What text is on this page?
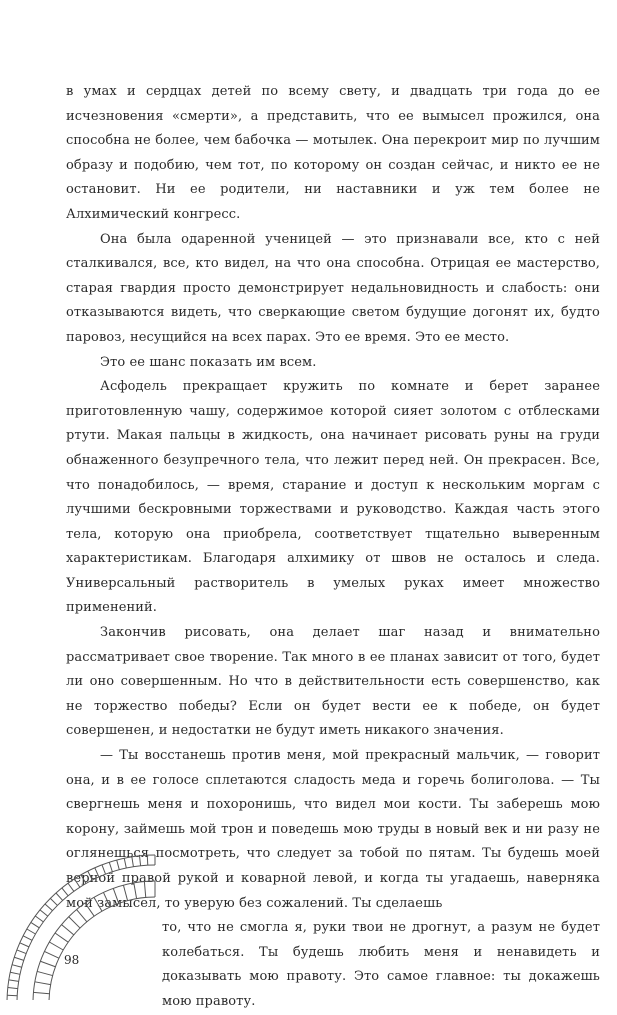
в умах и сердцах детей по всему свету, и двадцать три года до ее исчезновения «смерти», а представить, что ее вымысел прожился, она способна не более, чем бабочка — мотылек. Она перекроит мир по лучшим образу и подобию, чем тот, по которому он создан сейчас, и никто ее не остановит. Ни ее родители, ни наставники и уж тем более не Алхимический конгресс.

Она была одаренной ученицей — это признавали все, кто с ней сталкивался, все, кто видел, на что она способна. Отрицая ее мастерство, старая гвардия просто демонстрирует недальновидность и слабость: они отказываются видеть, что сверкающие светом будущие догонят их, будто паровоз, несущийся на всех парах. Это ее время. Это ее место.

Это ее шанс показать им всем.

Асфодель прекращает кружить по комнате и берет заранее приготовленную чашу, содержимое которой сияет золотом с отблесками ртути. Макая пальцы в жидкость, она начинает рисовать руны на груди обнаженного безупречного тела, что лежит перед ней. Он прекрасен. Все, что понадобилось, — время, старание и доступ к нескольким моргам с лучшими бескровными торжествами и руководство. Каждая часть этого тела, которую она приобрела, соответствует тщательно выверенным характеристикам. Благодаря алхимику от швов не осталось и следа. Универсальный растворитель в умелых руках имеет множество применений.

Закончив рисовать, она делает шаг назад и внимательно рассматривает свое творение. Так много в ее планах зависит от того, будет ли оно совершенным. Но что в действительности есть совершенство, как не торжество победы? Если он будет вести ее к победе, он будет совершенен, и недостатки не будут иметь никакого значения.

— Ты восстанешь против меня, мой прекрасный мальчик, — говорит она, и в ее голосе сплетаются сладость меда и горечь болиголова. — Ты свергнешь меня и похоронишь, что видел мои кости. Ты заберешь мою корону, займешь мой трон и поведешь мою труды в новый век и ни разу не оглянешься посмотреть, что следует за тобой по пятам. Ты будешь моей верной правой рукой и коварной левой, и когда ты угадаешь, наверняка мой замысел, то уверую без сожалений. Ты сделаешь

то, что не смогла я, руки твои не дрогнут, а разум не будет колебаться. Ты будешь любить меня и ненавидеть и доказывать мою правоту. Это самое главное: ты докажешь мою правоту.

98
